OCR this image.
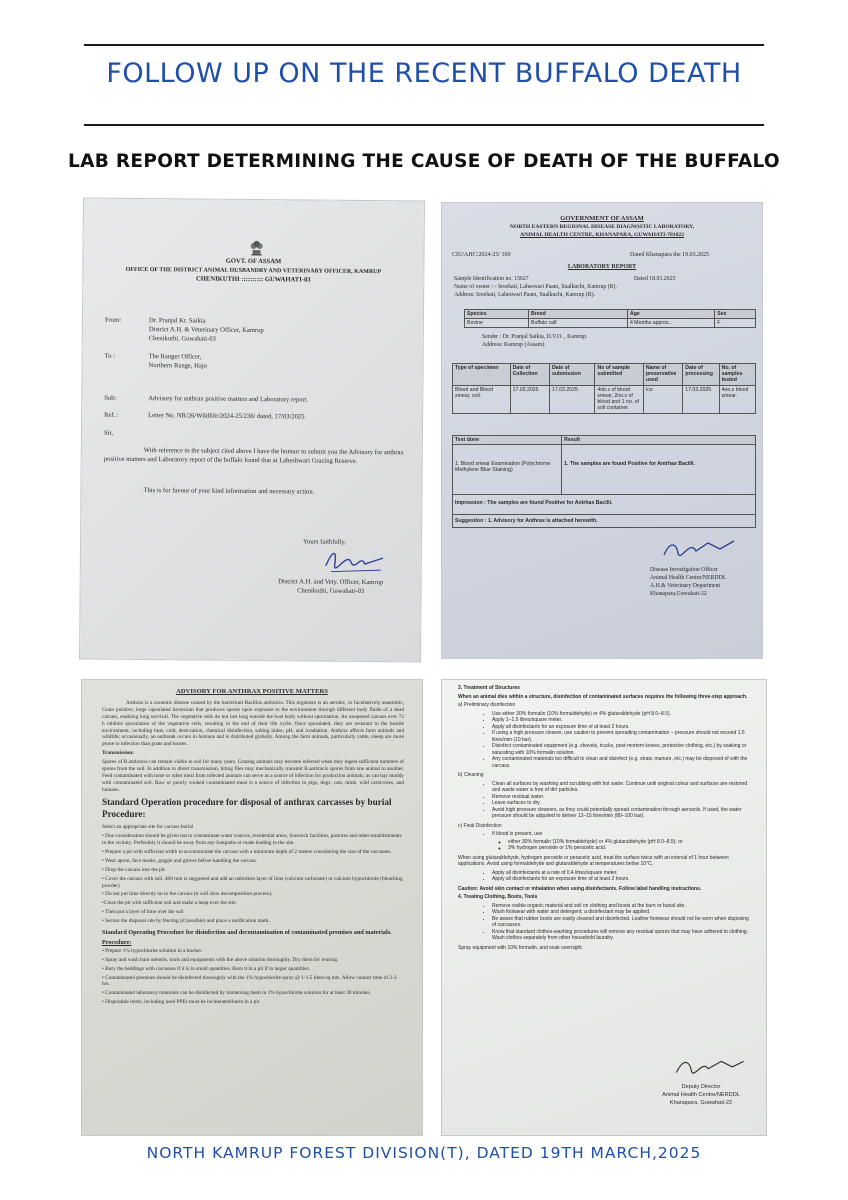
FOLLOW UP ON THE RECENT BUFFALO DEATH
LAB REPORT DETERMINING THE CAUSE OF DEATH OF THE BUFFALO
GOVT. OF ASSAM
OFFICE OF THE DISTRICT ANIMAL HUSBANDRY AND VETERINARY OFFICER, KAMRUP
CHENIKUTHI :::::::::: GUWAHATI-03
From:	Dr. Pranjal Kr. Saikia
District A.H. & Veterinary Officer, Kamrup
Chenikuthi, Guwahati-03
To :	The Ranger Officer,
Northern Range, Hajo
Sub:	Advisory for anthrax positive matters and Laboratory report.
Ref. :	Letter No. NR/26/Wildlife/2024-25/236/ dated, 17/03/2025
Sir,
With reference to the subject cited above I have the honour to submit you the Advisory for anthrax positive matters and Laboratory report of the buffalo found that at Laheshwari Grazing Reserve.
This is for favour of your kind information and necessary action.
Yours faithfully,
District A.H. and Vety. Officer, Kamrup
Chenikuthi, Guwahati-03
GOVERNMENT OF ASSAM
NORTH EASTERN REGIONAL DISEASE DIAGNOSTIC LABORATORY,
ANIMAL HEALTH CENTRE, KHANAPARA, GUWAHATI-781022
CIU/AHC/2024-25/ 169	Dated Khanapara the 19.03.2025
LABORATORY REPORT
Sample Identification no. 15027	Dated 18.03.2025
Name of owner : - Sreehati, Laheswari Paam, Sualkuchi, Kamrup (R).
Address: Sreehati, Laheswari Paam, Sualkuchi, Kamrup (R).
Species	Breed	Age	Sex
Bovine	Buffalo calf	4 Months approx..	F
Sender : Dr. Pranjal Saikia, D.V.O. , Kamrup.
Address: Kamrup (Assam).
Type of specimen	Date of Collection	Date of submission	No of sample submitted	Name of preservative used	Date of processing	No. of samples tested
Blood and Blood smear, soil.	17.03.2025	17.03.2025	4nb.s of blood smear, 2no.s of blood and 1 no. of soil container.	Ice	17.03.2025	4no.s blood smear.
Test done	Result
1. Blood smear Examination (Polychrome Methylene Blue Staining)	1. The samples are found Positive for Antrhax Bacilli.
Impression : The samples are found Positive for Antrhax Bacilli.	
Suggestion : 1. Advisory for Anthrax is attached herewith.	
Disease Investigation Officer
Animal Health Centre/NERDDL
A.H.& Veterinary Department
Khanapara,Guwahati-22
ADVISORY FOR ANTHRAX POSITIVE MATTERS

Anthrax is a zoonotic disease caused by the bacterium Bacillus anthracis. This organism is an aerobic, or facultatively anaerobic, Gram positive, large capsulated bacterium that produces spores upon exposure to the environment through different body fluids of a dead carcass, enabling long survival. The vegetative cells do not last long outside the host body without sporulation. An unopened carcass over 72 h inhibits sporulation of the vegetative cells, resulting in the end of their life cycle. Once sporulated, they are resistant to the hostile environment, including heat, cold, desiccation, chemical disinfection, salting hides, pH, and irradiation. Anthrax affects farm animals and wildlife; occasionally, an outbreak occurs in humans and is distributed globally. Among the farm animals, particularly cattle, sheep are more prone to infection than goats and horses.

Transmission:

Spores of B.anthracis can remain viable in soil for many years. Grazing animals may become infected when they ingest sufficient numbers of spores from the soil. In addition to direct transmission, biting flies may mechanically transmit B.anthracis spores from one animal to another. Feed contaminated with bone or other meal from infected animals can serve as a source of infection for production animals, as can hay muddy with contaminated soil. Raw or poorly cooked contaminated meat is a source of infection in pigs, dogs, cats, mink, wild carnivores, and humans.

Standard Operation procedure for disposal of anthrax carcasses by burial Procedure:

Select an appropriate site for carcass burial

• Due consideration should be given not to contaminate water sources, residential areas, livestock facilities, pastures and other establishments in the vicinity. Preferably it should be away from any footpaths or roads leading to the site.

• Prepare a pit with sufficient width to accommodate the carcass with a minimum depth of 2 meters considering the size of the carcasses.

• Wear apron, face masks, goggle and gloves before handling the carcass.

• Drop the carcass into the pit.

• Cover the carcass with soil, 400 mm is suggested and add an unbroken layer of lime (calcium carbonate) or calcium hypochlorite (bleaching powder)

• Do not put lime directly on to the carcass (it will slow decomposition process).

•Close the pit with sufficient soil and make a heap over the site.

• Then put a layer of lime over the soil

• Secure the disposal site by fencing (if possible) and place a notification mark.

Standard Operating Procedure for disinfection and decontamination of contaminated premises and materials.

Procedure:

• Prepare 1% hypochlorite solution in a bucket.

• Spray and wash barn utensils, tools and equipments with the above solution thoroughly. Dry them for reusing.

• Bury the beddings with carcasses if it is in small quantities. Burn it in a pit if in larger quantities.

• Contaminated premises should be disinfected thoroughly with the 1% hypochlorite spray @ 1-1.5 liters/sq mts. Allow contact time of 2-3 hrs.

• Contaminated laboratory materials can be disinfected by immersing them in 1% hypochlorite solution for at least 30 minutes.

• Disposable items, including used PPEs must be incinerated/burnt in a pit

3. Treatment of Structures

When an animal dies within a structure, disinfection of contaminated surfaces requires the following three-step approach.

a) Preliminary disinfection

• Use either 30% formalin (10% formaldehyde) or 4% glutaraldehyde (pH 8.0–8.5).
• Apply 1–1.5 litres/square meter.
• Apply all disinfectants for an exposure time of at least 2 hours.
• If using a high pressure cleaner, use caution to prevent spreading contamination – pressure should not exceed 1.5 litres/min (10 bar).
• Disinfect contaminated equipment (e.g. shovels, trucks, post-mortem knives, protective clothing, etc.) by soaking or saturating with 10% formalin solution.
• Any contaminated materials too difficult to clean and disinfect (e.g. straw, manure, etc.) may be disposed of with the carcass.

b) Cleaning

• Clean all surfaces by washing and scrubbing with hot water. Continue until original colour and surfaces are restored and waste water is free of dirt particles.
• Remove residual water.
• Leave surfaces to dry.
• Avoid high pressure cleaners, as they could potentially spread contamination through aerosols. If used, the water pressure should be adjusted to deliver 13–15 litres/min (80–100 bar).

c) Final Disinfection

• If blood is present, use
◦ either 30% formalin (10% formaldehyde) or 4% glutaraldehyde (pH 8.0–8.5); or
◦ 3% hydrogen peroxide or 1% peracetic acid.

When using glutaraldehyde, hydrogen peroxide or peracetic acid, treat the surface twice with an interval of 1 hour between applications. Avoid using formaldehyde and glutaraldehyde at temperatures below 10°C.

• Apply all disinfectants at a rate of 0.4 litres/square meter.
• Apply all disinfectants for an exposure time of at least 2 hours.

Caution: Avoid skin contact or inhalation when using disinfectants. Follow label handling instructions.

4. Treating Clothing, Boots, Tools

• Remove visible organic material and soil on clothing and boots at the burn or burial site.
• Wash footwear with water and detergent; a disinfectant may be applied.
• Be aware that rubber boots are easily cleaned and disinfected. Leather footwear should not be worn when disposing of carcasses.
• Know that standard clothes-washing procedures will remove any residual spores that may have adhered to clothing. Wash clothes separately from other household laundry.

Spray equipment with 10% formalin, and soak overnight.

Deputy Director
Animal Health Centre/NERDDL
Khanapara, Guwahati-22
NORTH KAMRUP FOREST DIVISION(T), DATED 19TH MARCH,2025
